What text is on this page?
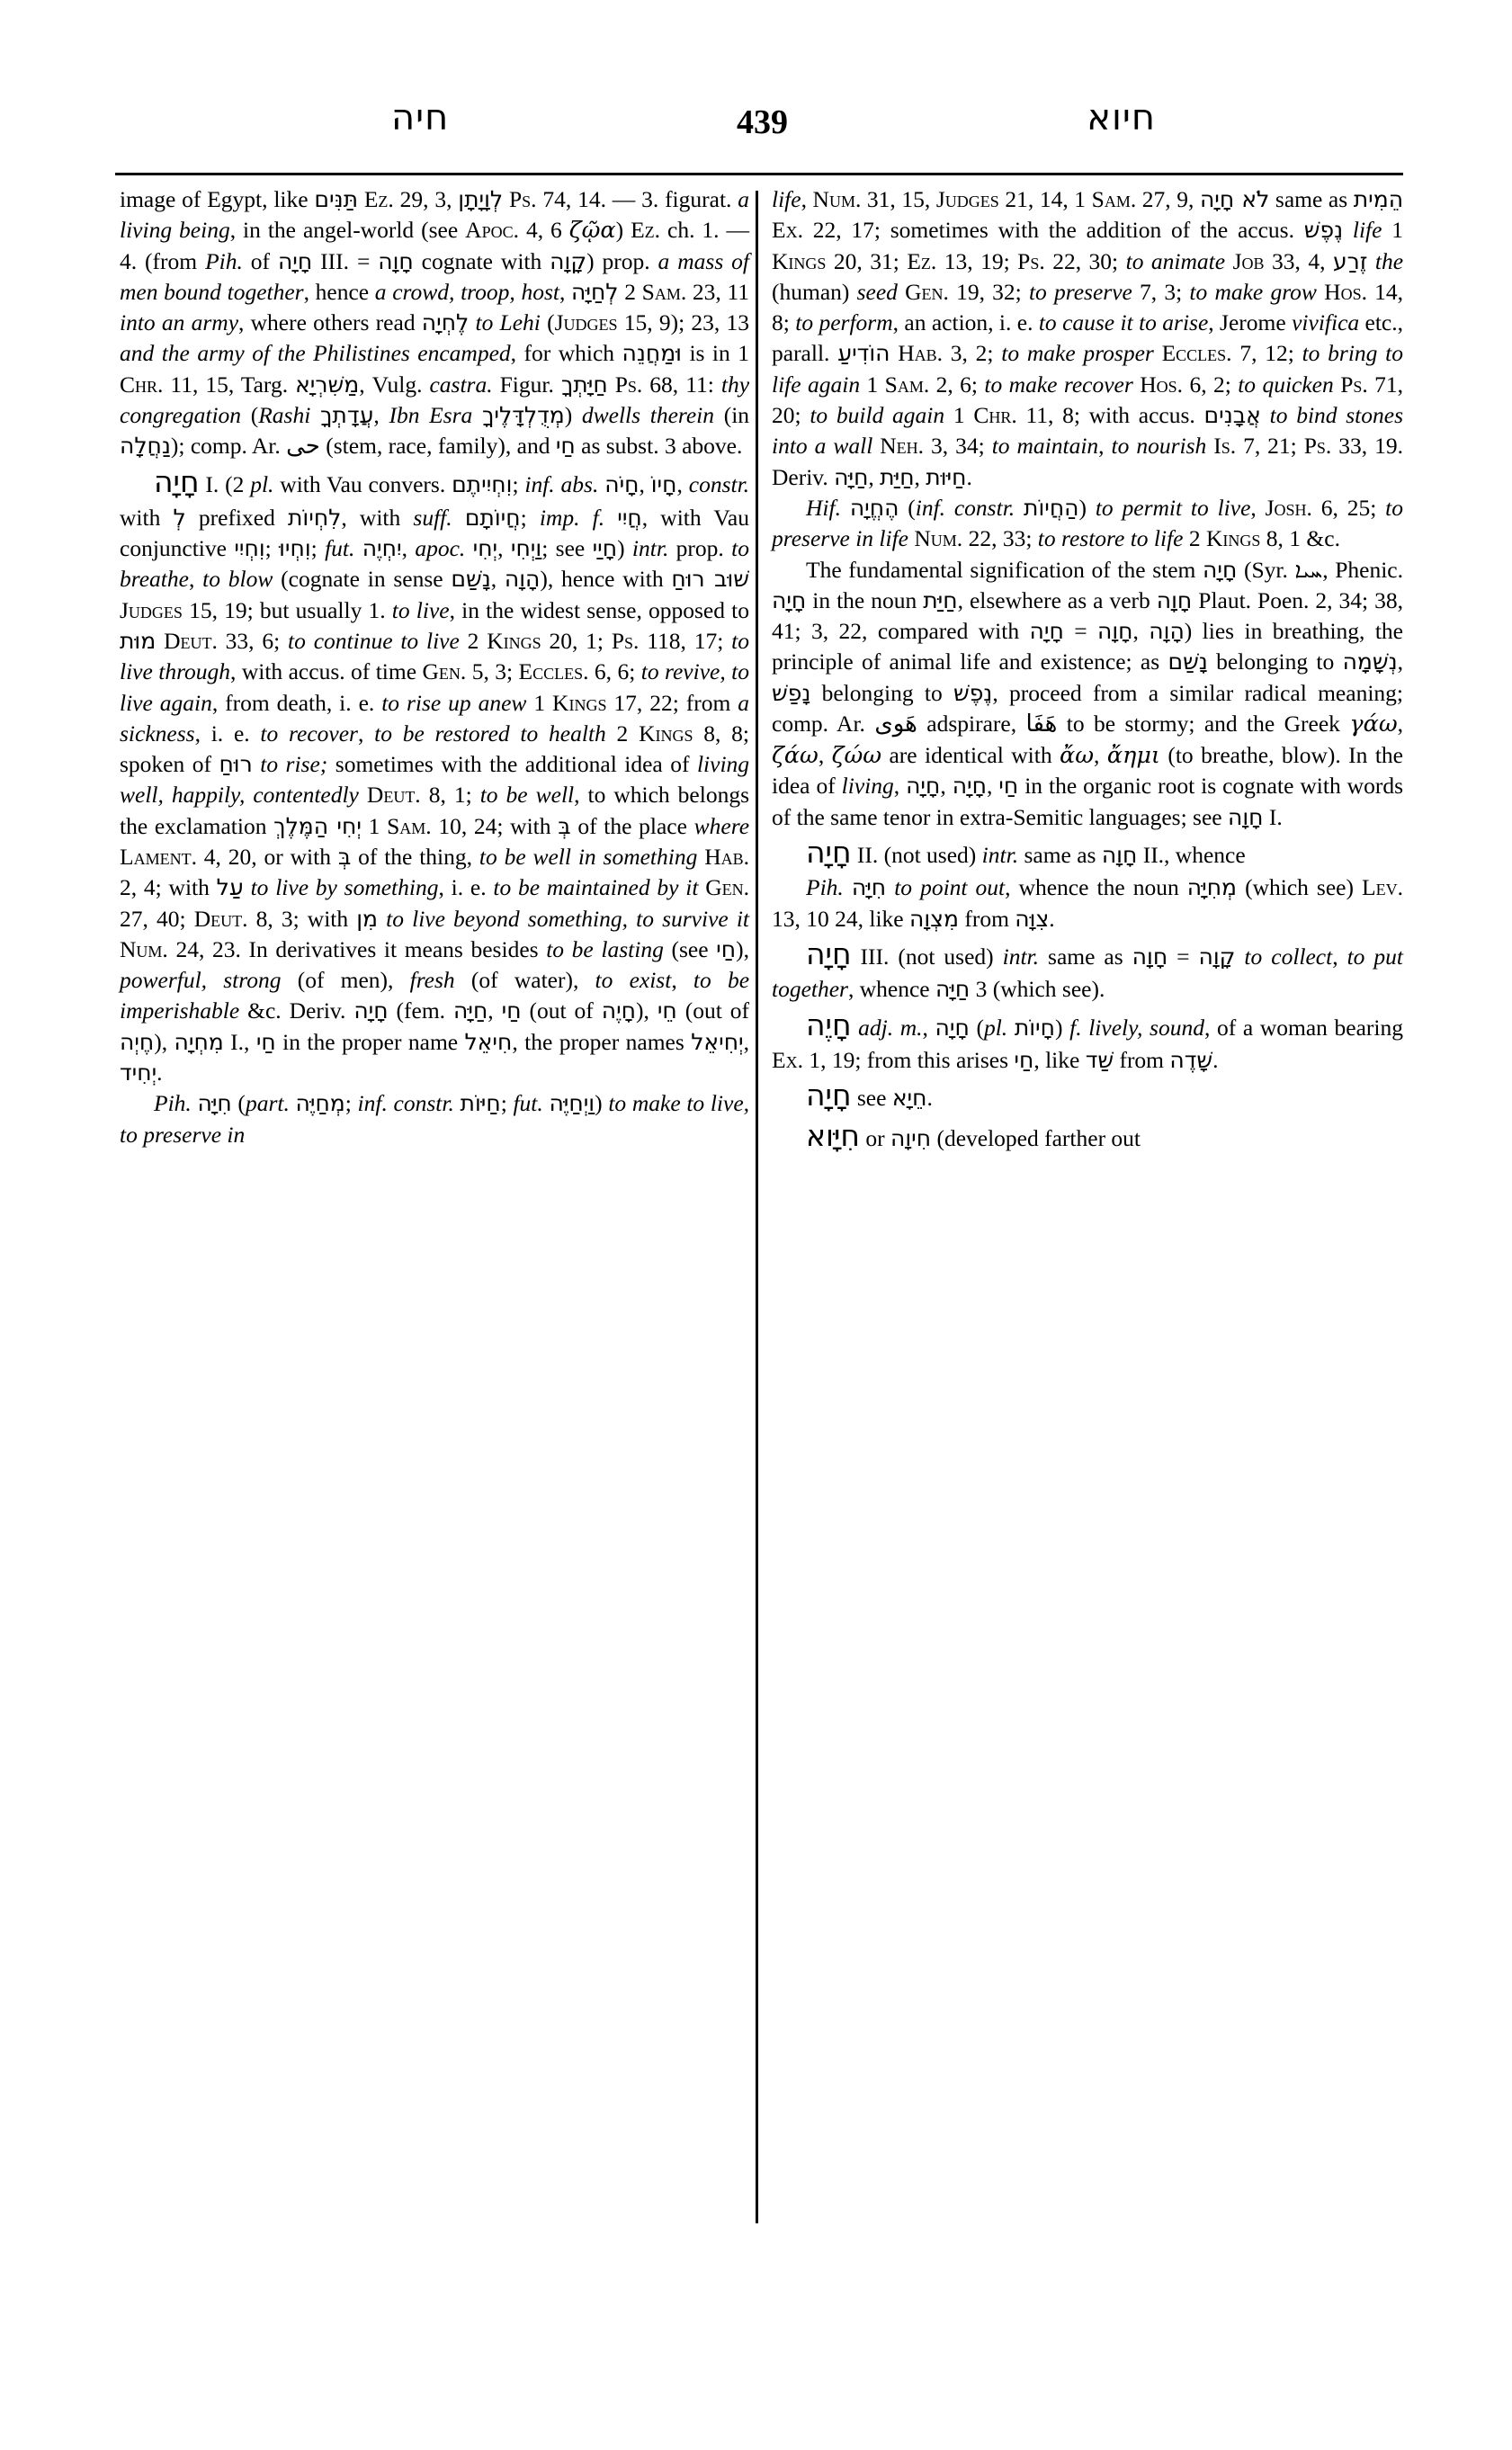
חיה	439	חיוא

image of Egypt, like תַּנִּים Ez. 29, 3, לְוָיָתָן Ps. 74, 14. — 3. figurat. a living being, in the angel-world (see Apoc. 4, 6 ζῷα) Ez. ch. 1. — 4. (from Pih. of חָיָה III. = חָוָה cognate with קָוָה) prop. a mass of men bound together, hence a crowd, troop, host, לְחַיָּה 2 Sam. 23, 11 into an army, where others read לֶחְיָה to Lehi (Judges 15, 9); 23, 13 and the army of the Philistines encamped, for which וּמַחֲנֵה is in 1 Chr. 11, 15, Targ. מַשִׁרְיָא, Vulg. castra. Figur. חַיָּתְךָ Ps. 68, 11: thy congregation (Rashi עֲדָתְךָ, Ibn Esra מְדֻלְדָּלֶיךָ) dwells therein (in נַחֲלָה); comp. Ar. حى (stem, race, family), and חַי as subst. 3 above.

חָיָה I. (2 pl. with Vau convers. וִחְיִיתֶם; inf. abs. חָיֹה, חָיוֹ, constr. with לְ prefixed לִחְיוֹת, with suff. חֲיוֹתָם; imp. f. חֲיִי, with Vau conjunctive וִחְיִי; וִחְיוּ; fut. יִחְיֶה, apoc. יְחִי, וַיְחִי; see חָיַי) intr. prop. to breathe, to blow (cognate in sense נָשַׁם, הָוָה), hence with שׁוּב רוּחַ Judges 15, 19; but usually 1. to live, in the widest sense, opposed to מוּת Deut. 33, 6; to continue to live 2 Kings 20, 1; Ps. 118, 17; to live through, with accus. of time Gen. 5, 3; Eccles. 6, 6; to revive, to live again, from death, i. e. to rise up anew 1 Kings 17, 22; from a sickness, i. e. to recover, to be restored to health 2 Kings 8, 8; spoken of רוּחַ to rise; sometimes with the additional idea of living well, happily, contentedly Deut. 8, 1; to be well, to which belongs the exclamation יְחִי הַמֶּלֶךְ 1 Sam. 10, 24; with בְּ of the place where Lament. 4, 20, or with בְּ of the thing, to be well in something Hab. 2, 4; with עַל to live by something, i. e. to be maintained by it Gen. 27, 40; Deut. 8, 3; with מִן to live beyond something, to survive it Num. 24, 23. In derivatives it means besides to be lasting (see חַי), powerful, strong (of men), fresh (of water), to exist, to be imperishable &c. Deriv. חָיָה (fem. חַיָּה, חַי (out of חָיֶה), חֵי (out of חֶיְה), מִחְיָה I., חַי in the proper name חִיאֵל, the proper names יְחִיאֵל, יְחִיד.

Pih. חִיָּה (part. מְחַיֶּה; inf. constr. חַיּוֹת; fut. וַיְחַיֶּה) to make to live, to preserve in

life, Num. 31, 15, Judges 21, 14, 1 Sam. 27, 9, לֹא חָיָה same as הֵמִית Ex. 22, 17; sometimes with the addition of the accus. נֶפֶשׁ life 1 Kings 20, 31; Ez. 13, 19; Ps. 22, 30; to animate Job 33, 4, זֶרַע the (human) seed Gen. 19, 32; to preserve 7, 3; to make grow Hos. 14, 8; to perform, an action, i. e. to cause it to arise, Jerome vivifica etc., parall. הוֹדִיעַ Hab. 3, 2; to make prosper Eccles. 7, 12; to bring to life again 1 Sam. 2, 6; to make recover Hos. 6, 2; to quicken Ps. 71, 20; to build again 1 Chr. 11, 8; with accus. אֲבָנִים to bind stones into a wall Neh. 3, 34; to maintain, to nourish Is. 7, 21; Ps. 33, 19. Deriv. חַיָּה, חַיַּת, חַיּוּת.

Hif. הֶחֱיָה (inf. constr. הַחֲיוֹת) to permit to live, Josh. 6, 25; to preserve in life Num. 22, 33; to restore to life 2 Kings 8, 1 &c.

The fundamental signification of the stem חָיָה (Syr. ܚܝܐ, Phenic. חָיָה in the noun חַיַּת, elsewhere as a verb חָוָה Plaut. Poen. 2, 34; 38, 41; 3, 22, compared with חָיָה = חָוָה, הָוָה) lies in breathing, the principle of animal life and existence; as נָשַׁם belonging to נְשָׁמָה, נָפַשׁ belonging to נֶפֶשׁ, proceed from a similar radical meaning; comp. Ar. هَوى adspirare, هَفَا to be stormy; and the Greek γάω, ζάω, ζώω are identical with ἄω, ἄημι (to breathe, blow). In the idea of living, חָיָה, חָיָה, חַי in the organic root is cognate with words of the same tenor in extra-Semitic languages; see חָוָה I.

חָיָה II. (not used) intr. same as חָוָה II., whence

Pih. חִיָּה to point out, whence the noun מְחִיָּה (which see) Lev. 13, 10 24, like מִצְוָה from צִוָּה.

חָיָה III. (not used) intr. same as חָוָה = קָוָה to collect, to put together, whence חַיָּה 3 (which see).

חָיֶה adj. m., חָיָה (pl. חָיוֹת) f. lively, sound, of a woman bearing Ex. 1, 19; from this arises חַי, like שַׁד from שָׁדֶה.

חָיָה see חֵיָא.

חִיָּוא or חִיוָה (developed farther out
